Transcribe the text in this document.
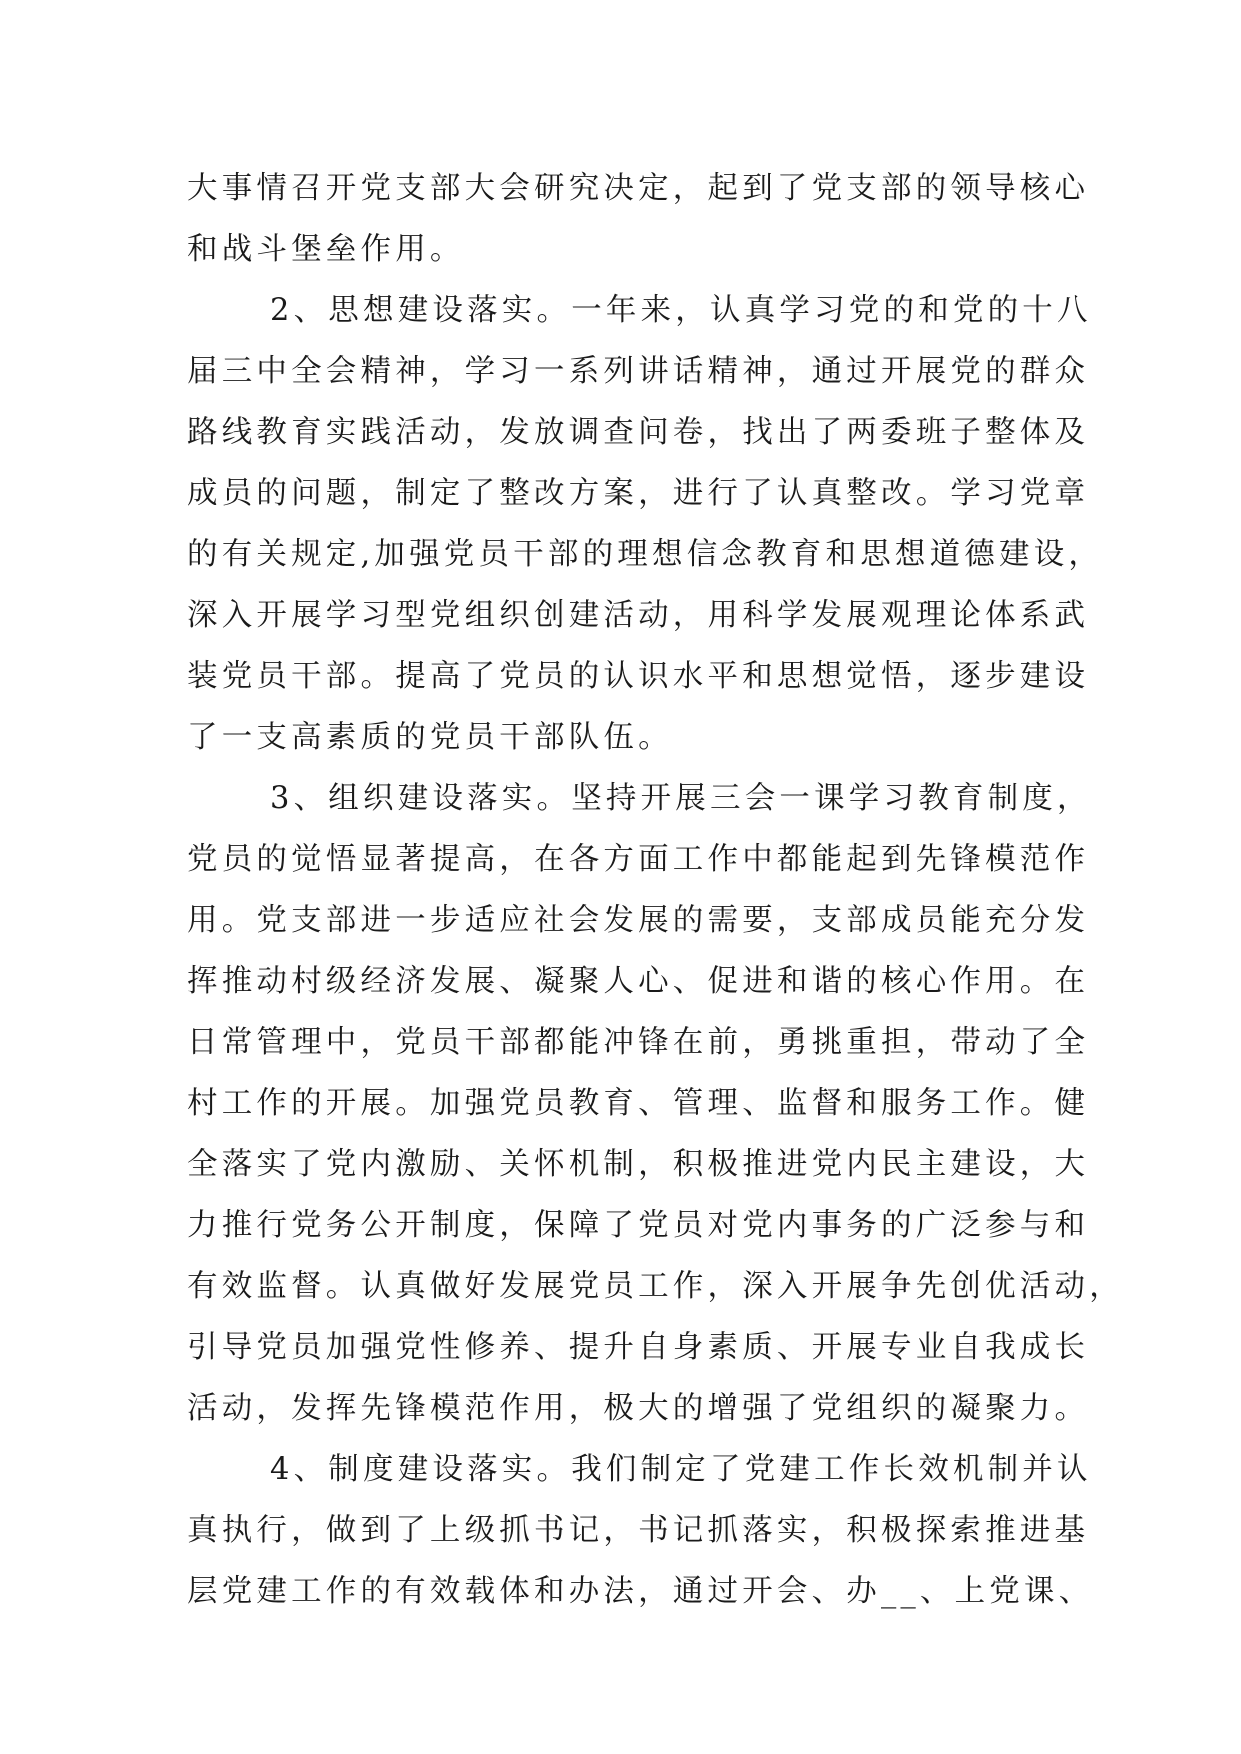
大事情召开党支部大会研究决定，起到了党支部的领导核心
和战斗堡垒作用。
2、思想建设落实。一年来，认真学习党的和党的十八
届三中全会精神，学习一系列讲话精神，通过开展党的群众
路线教育实践活动，发放调查问卷，找出了两委班子整体及
成员的问题，制定了整改方案，进行了认真整改。学习党章
的有关规定,加强党员干部的理想信念教育和思想道德建设，
深入开展学习型党组织创建活动，用科学发展观理论体系武
装党员干部。提高了党员的认识水平和思想觉悟，逐步建设
了一支高素质的党员干部队伍。
3、组织建设落实。坚持开展三会一课学习教育制度，
党员的觉悟显著提高，在各方面工作中都能起到先锋模范作
用。党支部进一步适应社会发展的需要，支部成员能充分发
挥推动村级经济发展、凝聚人心、促进和谐的核心作用。在
日常管理中，党员干部都能冲锋在前，勇挑重担，带动了全
村工作的开展。加强党员教育、管理、监督和服务工作。健
全落实了党内激励、关怀机制，积极推进党内民主建设，大
力推行党务公开制度，保障了党员对党内事务的广泛参与和
有效监督。认真做好发展党员工作，深入开展争先创优活动，
引导党员加强党性修养、提升自身素质、开展专业自我成长
活动，发挥先锋模范作用，极大的增强了党组织的凝聚力。
4、制度建设落实。我们制定了党建工作长效机制并认
真执行，做到了上级抓书记，书记抓落实，积极探索推进基
层党建工作的有效载体和办法，通过开会、办__、上党课、
